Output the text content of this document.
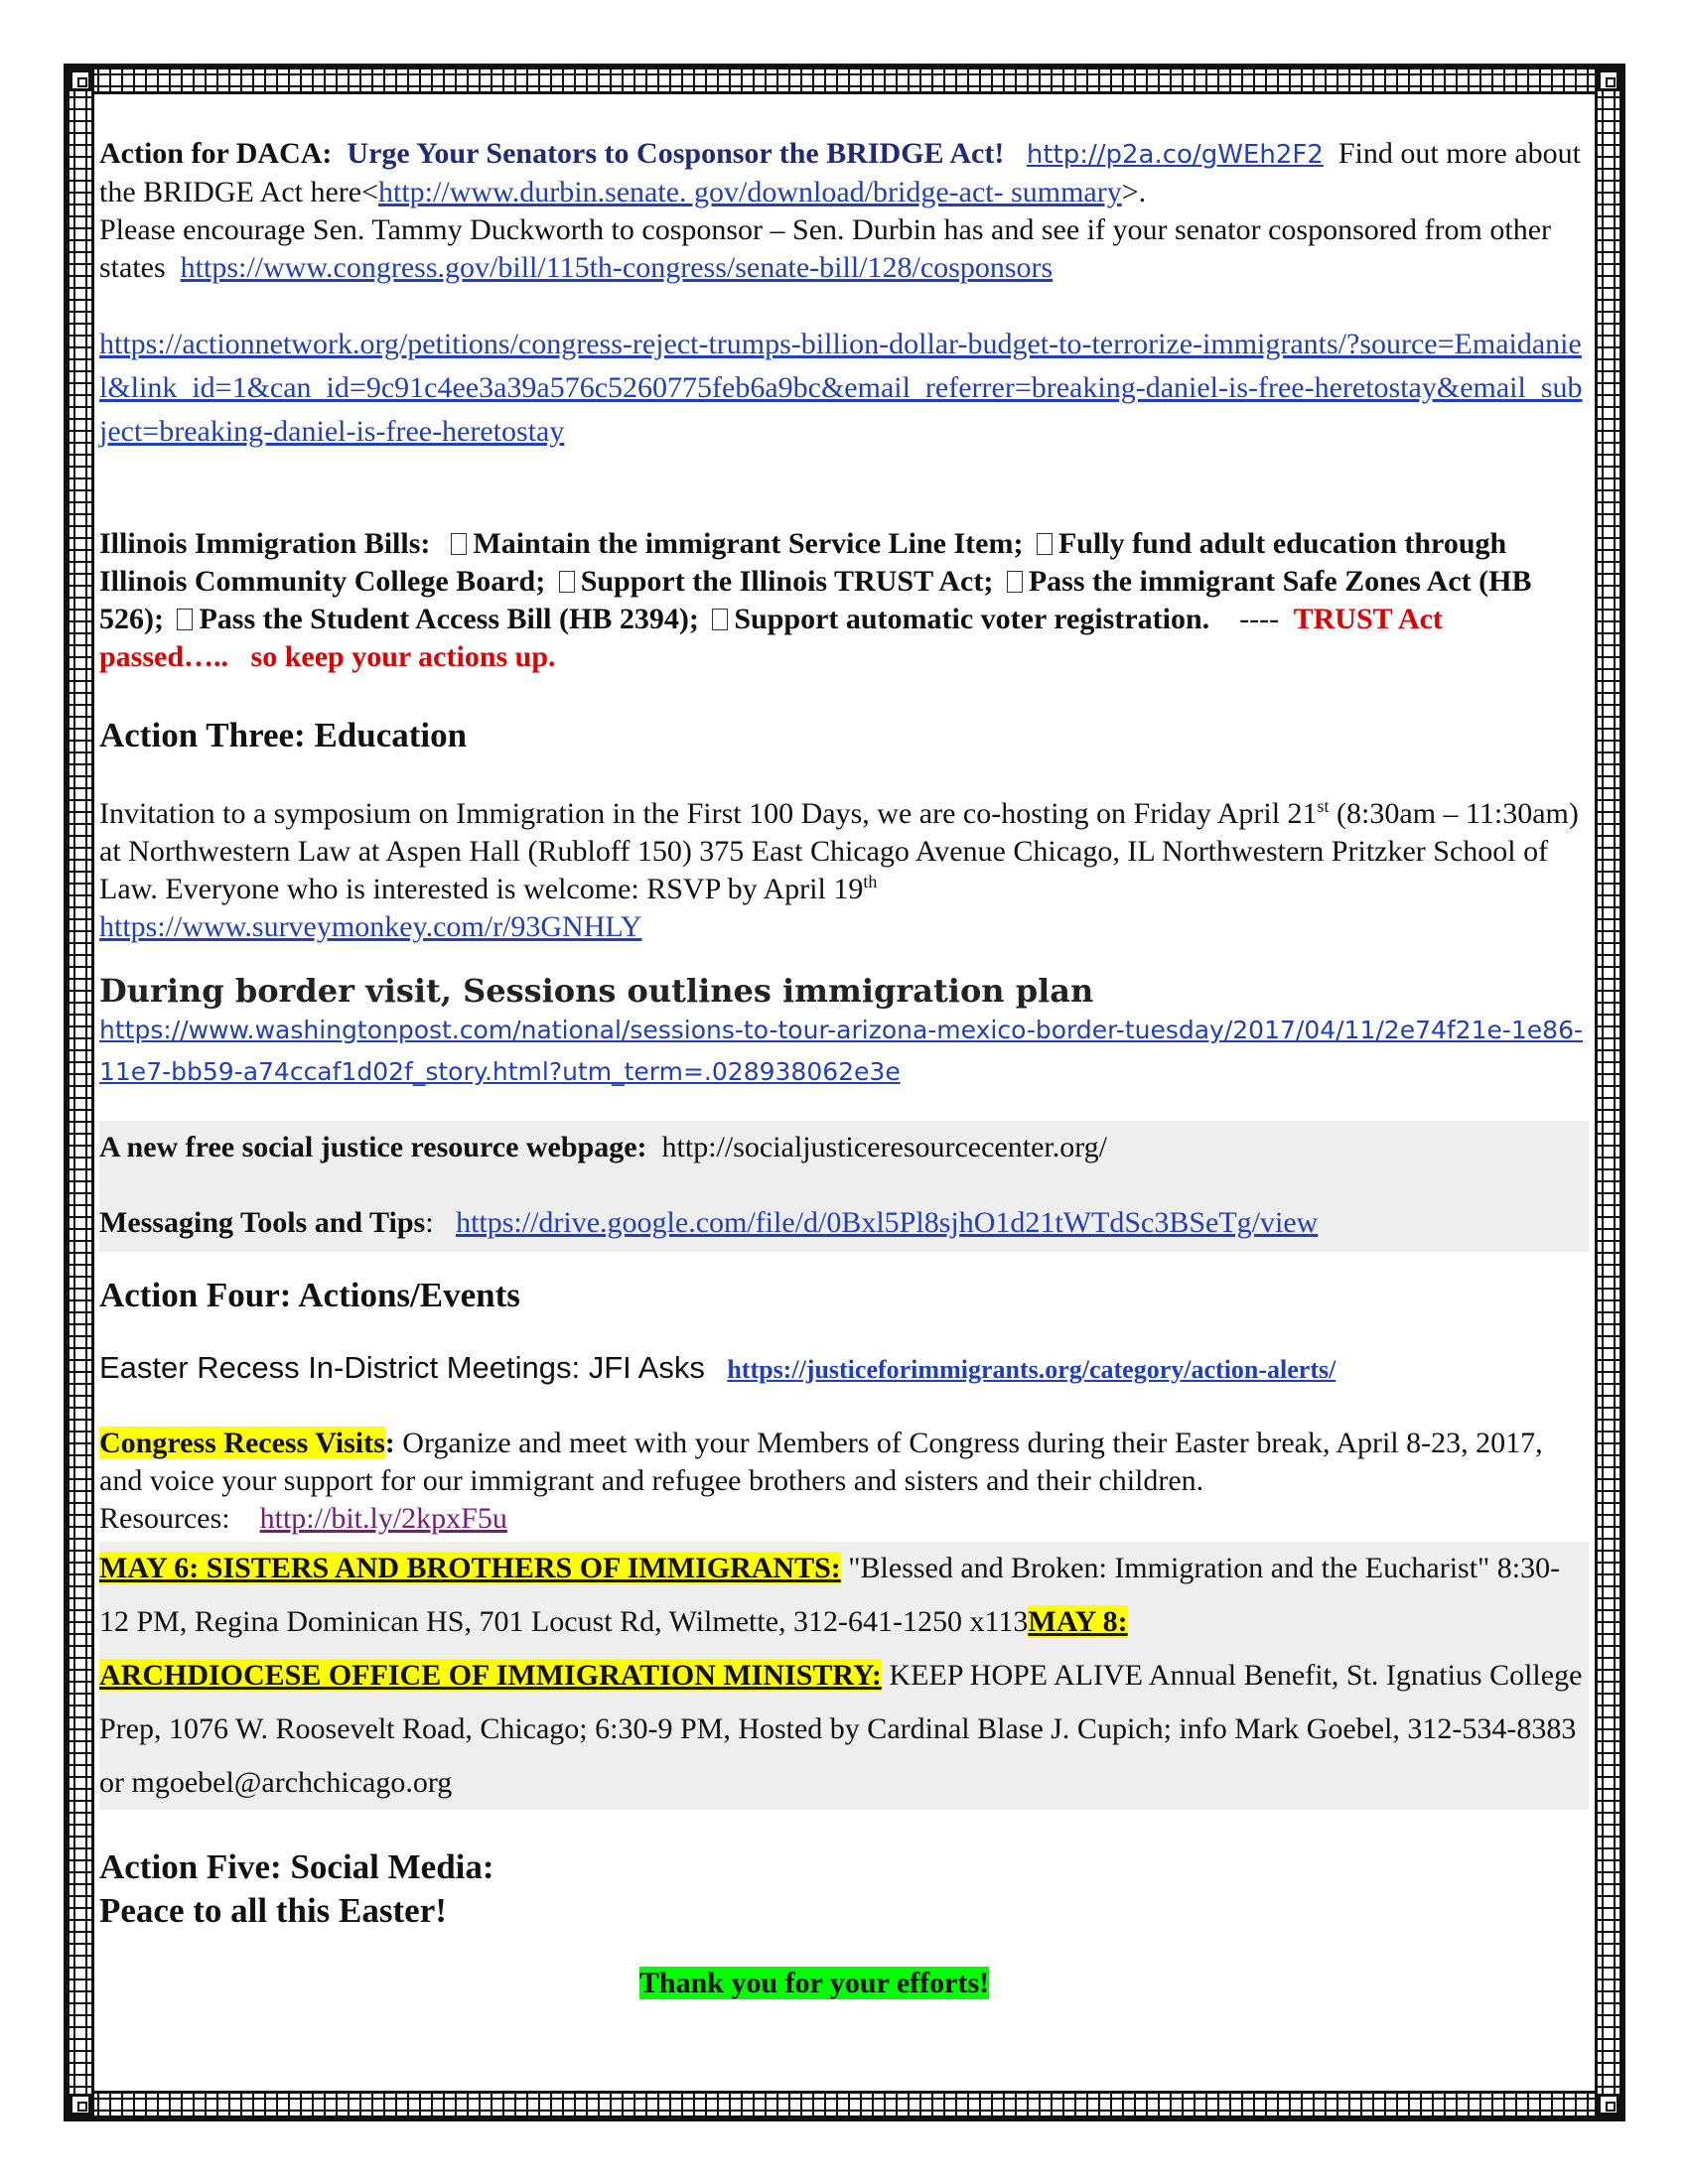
Action for DACA: Urge Your Senators to Cosponsor the BRIDGE Act! http://p2a.co/gWEh2F2 Find out more about the BRIDGE Act here<http://www.durbin.senate. gov/download/bridge-act- summary>.
Please encourage Sen. Tammy Duckworth to cosponsor – Sen. Durbin has and see if your senator cosponsored from other states https://www.congress.gov/bill/115th-congress/senate-bill/128/cosponsors

https://actionnetwork.org/petitions/congress-reject-trumps-billion-dollar-budget-to-terrorize-immigrants/?source=Emaidaniel&link_id=1&can_id=9c91c4ee3a39a576c5260775feb6a9bc&email_referrer=breaking-daniel-is-free-heretostay&email_subject=breaking-daniel-is-free-heretostay

Illinois Immigration Bills: Maintain the immigrant Service Line Item; Fully fund adult education through Illinois Community College Board; Support the Illinois TRUST Act; Pass the immigrant Safe Zones Act (HB 526); Pass the Student Access Bill (HB 2394); Support automatic voter registration. ---- TRUST Act passed….. so keep your actions up.

Action Three: Education

Invitation to a symposium on Immigration in the First 100 Days, we are co-hosting on Friday April 21st (8:30am – 11:30am) at Northwestern Law at Aspen Hall (Rubloff 150) 375 East Chicago Avenue Chicago, IL Northwestern Pritzker School of Law. Everyone who is interested is welcome: RSVP by April 19th
https://www.surveymonkey.com/r/93GNHLY

During border visit, Sessions outlines immigration plan

https://www.washingtonpost.com/national/sessions-to-tour-arizona-mexico-border-tuesday/2017/04/11/2e74f21e-1e86-11e7-bb59-a74ccaf1d02f_story.html?utm_term=.028938062e3e

A new free social justice resource webpage: http://socialjusticeresourcecenter.org/

Messaging Tools and Tips: https://drive.google.com/file/d/0Bxl5Pl8sjhO1d21tWTdSc3BSeTg/view

Action Four: Actions/Events

Easter Recess In-District Meetings: JFI Asks https://justiceforimmigrants.org/category/action-alerts/

Congress Recess Visits: Organize and meet with your Members of Congress during their Easter break, April 8-23, 2017, and voice your support for our immigrant and refugee brothers and sisters and their children.
Resources: http://bit.ly/2kpxF5u

MAY 6: SISTERS AND BROTHERS OF IMMIGRANTS: "Blessed and Broken: Immigration and the Eucharist" 8:30-12 PM, Regina Dominican HS, 701 Locust Rd, Wilmette, 312-641-1250 x113MAY 8:
ARCHDIOCESE OFFICE OF IMMIGRATION MINISTRY: KEEP HOPE ALIVE Annual Benefit, St. Ignatius College Prep, 1076 W. Roosevelt Road, Chicago; 6:30-9 PM, Hosted by Cardinal Blase J. Cupich; info Mark Goebel, 312-534-8383 or mgoebel@archchicago.org

Action Five: Social Media:

Peace to all this Easter!

Thank you for your efforts!
